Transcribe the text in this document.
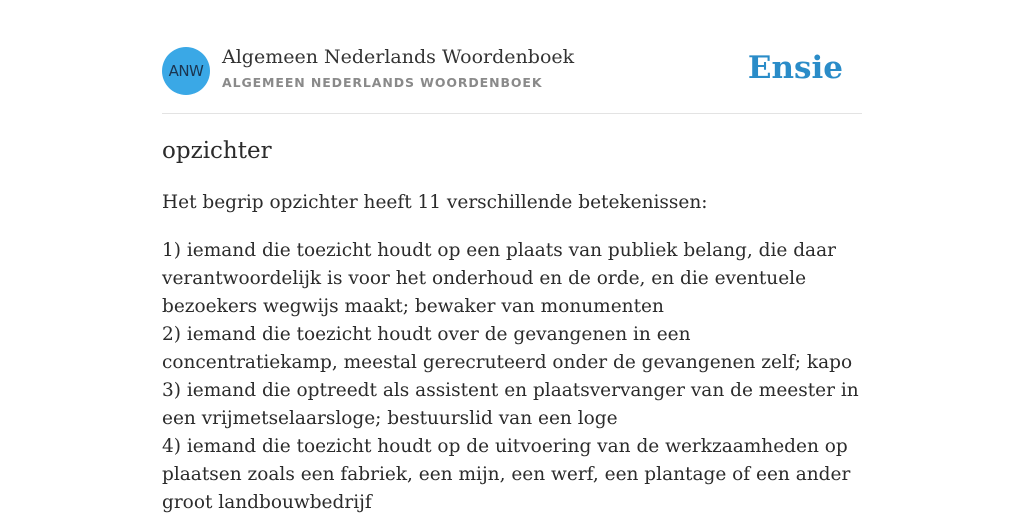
ANW
Algemeen Nederlands Woordenboek
ALGEMEEN NEDERLANDS WOORDENBOEK	Ensie
opzichter

Het begrip opzichter heeft 11 verschillende betekenissen:

1) iemand die toezicht houdt op een plaats van publiek belang, die daar verantwoordelijk is voor het onderhoud en de orde, en die eventuele bezoekers wegwijs maakt; bewaker van monumenten
2) iemand die toezicht houdt over de gevangenen in een concentratiekamp, meestal gerecruteerd onder de gevangenen zelf; kapo
3) iemand die optreedt als assistent en plaatsvervanger van de meester in een vrijmetselaarsloge; bestuurslid van een loge
4) iemand die toezicht houdt op de uitvoering van de werkzaamheden op plaatsen zoals een fabriek, een mijn, een werf, een plantage of een ander groot landbouwbedrijf
